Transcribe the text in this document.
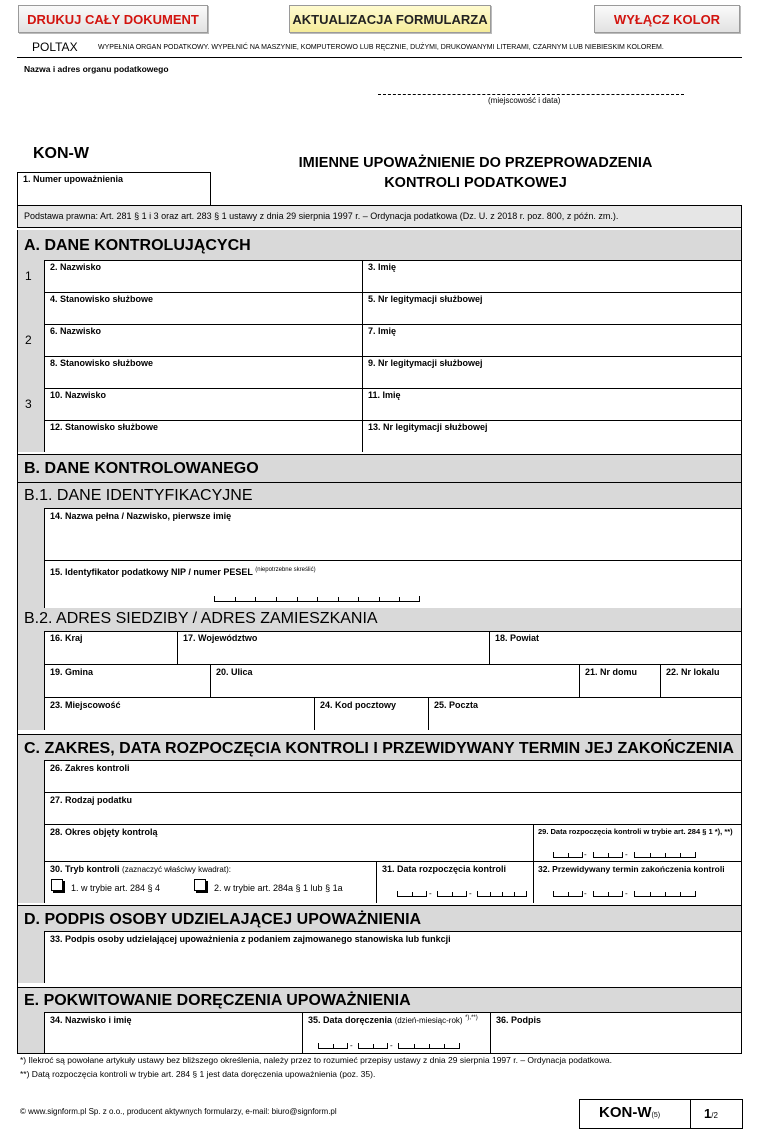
DRUKUJ CAŁY DOKUMENT	AKTUALIZACJA FORMULARZA	WYŁĄCZ KOLOR
POLTAX	WYPEŁNIA ORGAN PODATKOWY. WYPEŁNIĆ NA MASZYNIE, KOMPUTEROWO LUB RĘCZNIE, DUŻYMI, DRUKOWANYMI LITERAMI, CZARNYM LUB NIEBIESKIM KOLOREM.
Nazwa i adres organu podatkowego
(miejscowość i data)
KON-W
IMIENNE UPOWAŻNIENIE DO PRZEPROWADZENIA
KONTROLI PODATKOWEJ
1. Numer upoważnienia
Podstawa prawna: Art. 281 § 1 i 3 oraz art. 283 § 1 ustawy z dnia 29 sierpnia 1997 r. – Ordynacja podatkowa (Dz. U. z 2018 r. poz. 800, z późn. zm.).
A. DANE KONTROLUJĄCYCH
1
2. Nazwisko	3. Imię
4. Stanowisko służbowe	5. Nr legitymacji służbowej
2
6. Nazwisko	7. Imię
8. Stanowisko służbowe	9. Nr legitymacji służbowej
3
10. Nazwisko	11. Imię
12. Stanowisko służbowe	13. Nr legitymacji służbowej
B. DANE KONTROLOWANEGO
B.1. DANE IDENTYFIKACYJNE
14. Nazwa pełna / Nazwisko, pierwsze imię
15. Identyfikator podatkowy NIP / numer PESEL $^{(niepotrzebne skreślić)}$
B.2. ADRES SIEDZIBY / ADRES ZAMIESZKANIA
16. Kraj	17. Województwo	18. Powiat
19. Gmina	20. Ulica	21. Nr domu	22. Nr lokalu
23. Miejscowość	24. Kod pocztowy	25. Poczta
C. ZAKRES, DATA ROZPOCZĘCIA KONTROLI I PRZEWIDYWANY TERMIN JEJ ZAKOŃCZENIA
26. Zakres kontroli
27. Rodzaj podatku
28. Okres objęty kontrolą	29. Data rozpoczęcia kontroli w trybie art. 284 § 1 *), **)
-	-
30. Tryb kontroli (zaznaczyć właściwy kwadrat):
1. w trybie art. 284 § 4	2. w trybie art. 284a § 1 lub § 1a
31. Data rozpoczęcia kontroli
-	-
32. Przewidywany termin zakończenia kontroli
-	-
D. PODPIS OSOBY UDZIELAJĄCEJ UPOWAŻNIENIA
33. Podpis osoby udzielającej upoważnienia z podaniem zajmowanego stanowiska lub funkcji
E. POKWITOWANIE DORĘCZENIA UPOWAŻNIENIA
34. Nazwisko i imię	35. Data doręczenia (dzień-miesiąc-rok) *),**)
-	-
36. Podpis
*) Ilekroć są powołane artykuły ustawy bez bliższego określenia, należy przez to rozumieć przepisy ustawy z dnia 29 sierpnia 1997 r. – Ordynacja podatkowa.
**) Datą rozpoczęcia kontroli w trybie art. 284 § 1 jest data doręczenia upoważnienia (poz. 35).
© www.signform.pl Sp. z o.o., producent aktywnych formularzy, e-mail: biuro@signform.pl	KON-W(5)	1/2
